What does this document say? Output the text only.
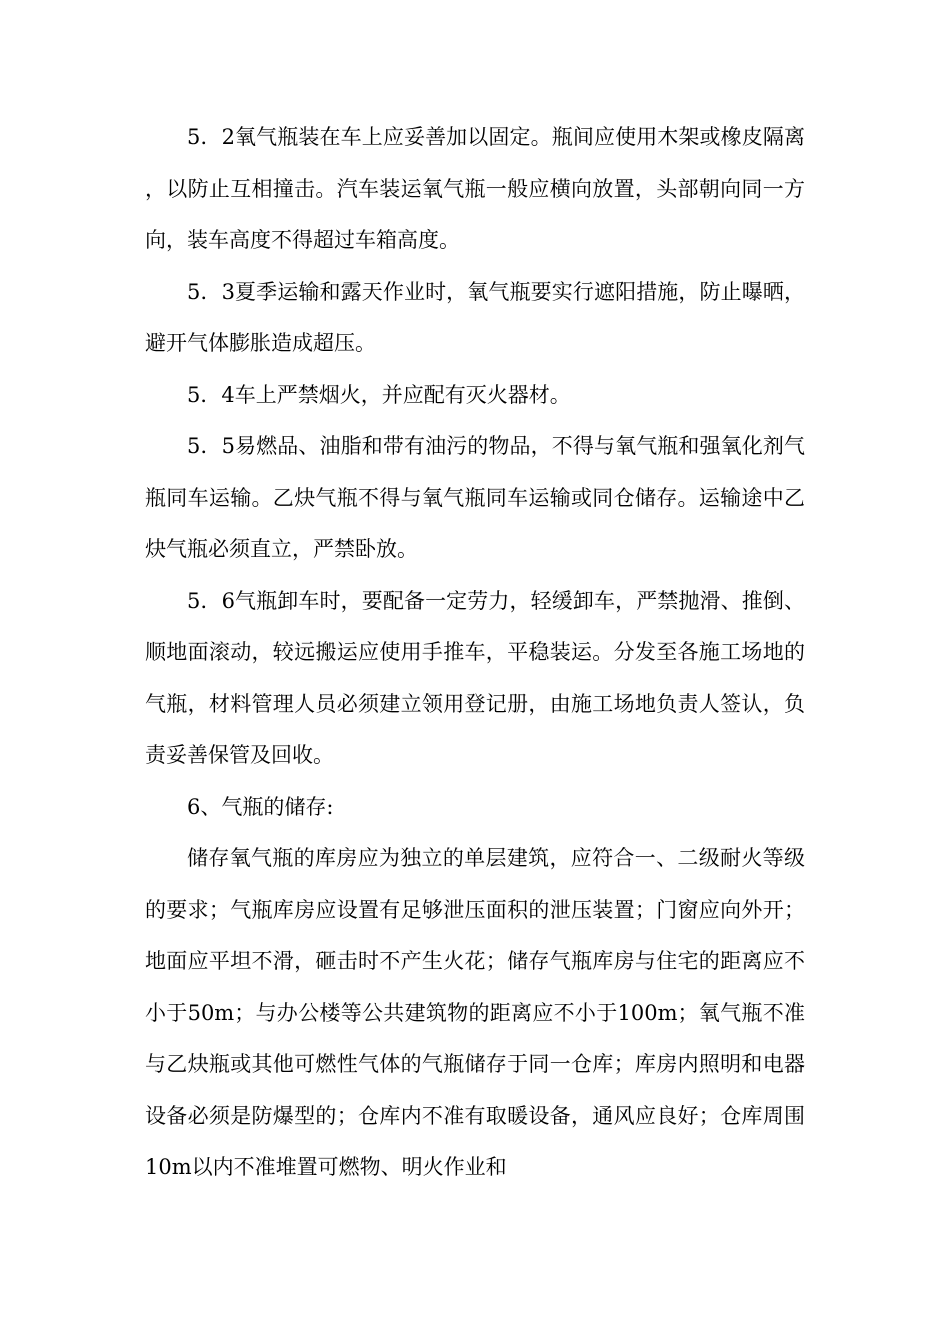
5．2氧气瓶装在车上应妥善加以固定。瓶间应使用木架或橡皮隔离，以防止互相撞击。汽车装运氧气瓶一般应横向放置，头部朝向同一方向，装车高度不得超过车箱高度。

5．3夏季运输和露天作业时，氧气瓶要实行遮阳措施，防止曝晒，避开气体膨胀造成超压。

5．4车上严禁烟火，并应配有灭火器材。

5．5易燃品、油脂和带有油污的物品，不得与氧气瓶和强氧化剂气瓶同车运输。乙炔气瓶不得与氧气瓶同车运输或同仓储存。运输途中乙炔气瓶必须直立，严禁卧放。

5．6气瓶卸车时，要配备一定劳力，轻缓卸车，严禁抛滑、推倒、顺地面滚动，较远搬运应使用手推车，平稳装运。分发至各施工场地的气瓶，材料管理人员必须建立领用登记册，由施工场地负责人签认，负责妥善保管及回收。

6、气瓶的储存:

储存氧气瓶的库房应为独立的单层建筑，应符合一、二级耐火等级的要求；气瓶库房应设置有足够泄压面积的泄压装置；门窗应向外开；地面应平坦不滑，砸击时不产生火花；储存气瓶库房与住宅的距离应不小于50m；与办公楼等公共建筑物的距离应不小于100m；氧气瓶不准与乙炔瓶或其他可燃性气体的气瓶储存于同一仓库；库房内照明和电器设备必须是防爆型的；仓库内不准有取暖设备，通风应良好；仓库周围10m以内不准堆置可燃物、明火作业和
